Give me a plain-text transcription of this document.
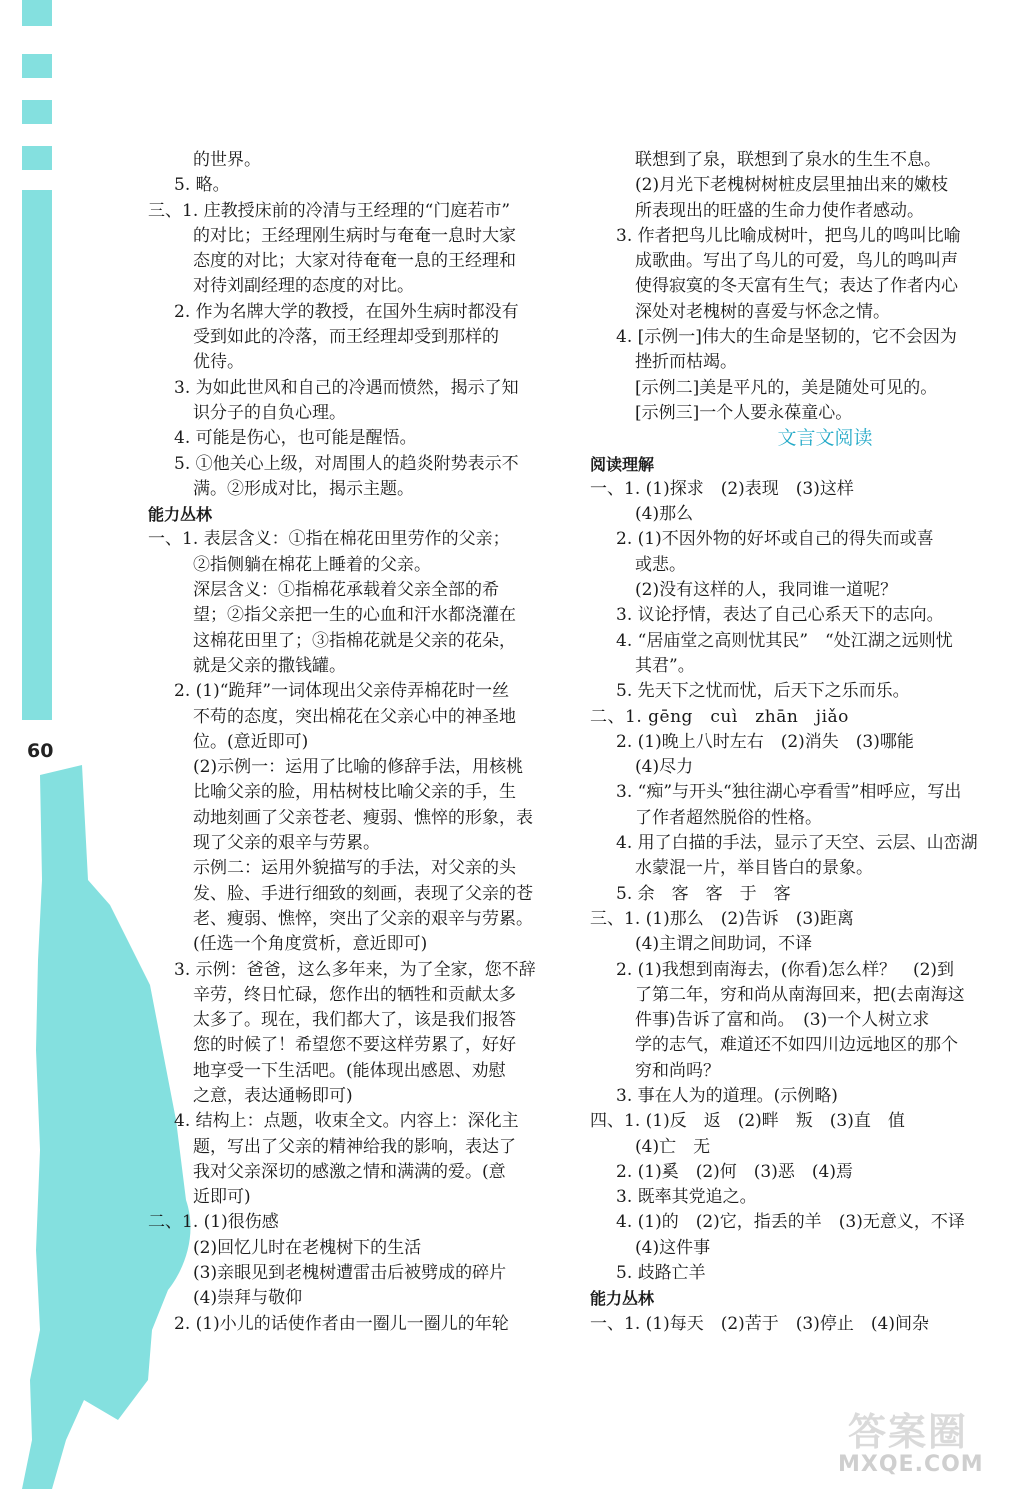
60
的世界。
5. 略。
三、1. 庄教授床前的冷清与王经理的“门庭若市”
的对比；王经理刚生病时与奄奄一息时大家
态度的对比；大家对待奄奄一息的王经理和
对待刘副经理的态度的对比。
2. 作为名牌大学的教授，在国外生病时都没有
受到如此的冷落，而王经理却受到那样的
优待。
3. 为如此世风和自己的冷遇而愤然，揭示了知
识分子的自负心理。
4. 可能是伤心，也可能是醒悟。
5. ①他关心上级，对周围人的趋炎附势表示不
满。②形成对比，揭示主题。
能力丛林
一、1. 表层含义：①指在棉花田里劳作的父亲；
②指侧躺在棉花上睡着的父亲。
深层含义：①指棉花承载着父亲全部的希
望；②指父亲把一生的心血和汗水都浇灌在
这棉花田里了；③指棉花就是父亲的花朵，
就是父亲的撒钱罐。
2. (1)“跪拜”一词体现出父亲侍弄棉花时一丝
不苟的态度，突出棉花在父亲心中的神圣地
位。(意近即可)
(2)示例一：运用了比喻的修辞手法，用核桃
比喻父亲的脸，用枯树枝比喻父亲的手，生
动地刻画了父亲苍老、瘦弱、憔悴的形象，表
现了父亲的艰辛与劳累。
示例二：运用外貌描写的手法，对父亲的头
发、脸、手进行细致的刻画，表现了父亲的苍
老、瘦弱、憔悴，突出了父亲的艰辛与劳累。
(任选一个角度赏析，意近即可)
3. 示例：爸爸，这么多年来，为了全家，您不辞
辛劳，终日忙碌，您作出的牺牲和贡献太多
太多了。现在，我们都大了，该是我们报答
您的时候了！希望您不要这样劳累了，好好
地享受一下生活吧。(能体现出感恩、劝慰
之意，表达通畅即可)
4. 结构上：点题，收束全文。内容上：深化主
题，写出了父亲的精神给我的影响，表达了
我对父亲深切的感激之情和满满的爱。(意
近即可)
二、1. (1)很伤感
(2)回忆儿时在老槐树下的生活
(3)亲眼见到老槐树遭雷击后被劈成的碎片
(4)崇拜与敬仰
2. (1)小儿的话使作者由一圈儿一圈儿的年轮
联想到了泉，联想到了泉水的生生不息。
(2)月光下老槐树树桩皮层里抽出来的嫩枝
所表现出的旺盛的生命力使作者感动。
3. 作者把鸟儿比喻成树叶，把鸟儿的鸣叫比喻
成歌曲。写出了鸟儿的可爱，鸟儿的鸣叫声
使得寂寞的冬天富有生气；表达了作者内心
深处对老槐树的喜爱与怀念之情。
4. [示例一]伟大的生命是坚韧的，它不会因为
挫折而枯竭。
[示例二]美是平凡的，美是随处可见的。
[示例三]一个人要永葆童心。
文言文阅读
阅读理解
一、1. (1)探求　(2)表现　(3)这样
(4)那么
2. (1)不因外物的好坏或自己的得失而或喜
或悲。
(2)没有这样的人，我同谁一道呢？
3. 议论抒情，表达了自己心系天下的志向。
4. “居庙堂之高则忧其民”　“处江湖之远则忧
其君”。
5. 先天下之忧而忧，后天下之乐而乐。
二、1. gēng　cuì　zhān　jiǎo
2. (1)晚上八时左右　(2)消失　(3)哪能
(4)尽力
3. “痴”与开头“独往湖心亭看雪”相呼应，写出
了作者超然脱俗的性格。
4. 用了白描的手法，显示了天空、云层、山峦湖
水蒙混一片，举目皆白的景象。
5. 余　客　客　于　客
三、1. (1)那么　(2)告诉　(3)距离
(4)主谓之间助词，不译
2. (1)我想到南海去，(你看)怎么样？　(2)到
了第二年，穷和尚从南海回来，把(去南海这
件事)告诉了富和尚。　(3)一个人树立求
学的志气，难道还不如四川边远地区的那个
穷和尚吗？
3. 事在人为的道理。(示例略)
四、1. (1)反　返　(2)畔　叛　(3)直　值
(4)亡　无
2. (1)奚　(2)何　(3)恶　(4)焉
3. 既率其党追之。
4. (1)的　(2)它，指丢的羊　(3)无意义，不译
(4)这件事
5. 歧路亡羊
能力丛林
一、1. (1)每天　(2)苦于　(3)停止　(4)间杂
答案圈
MXQE.COM
